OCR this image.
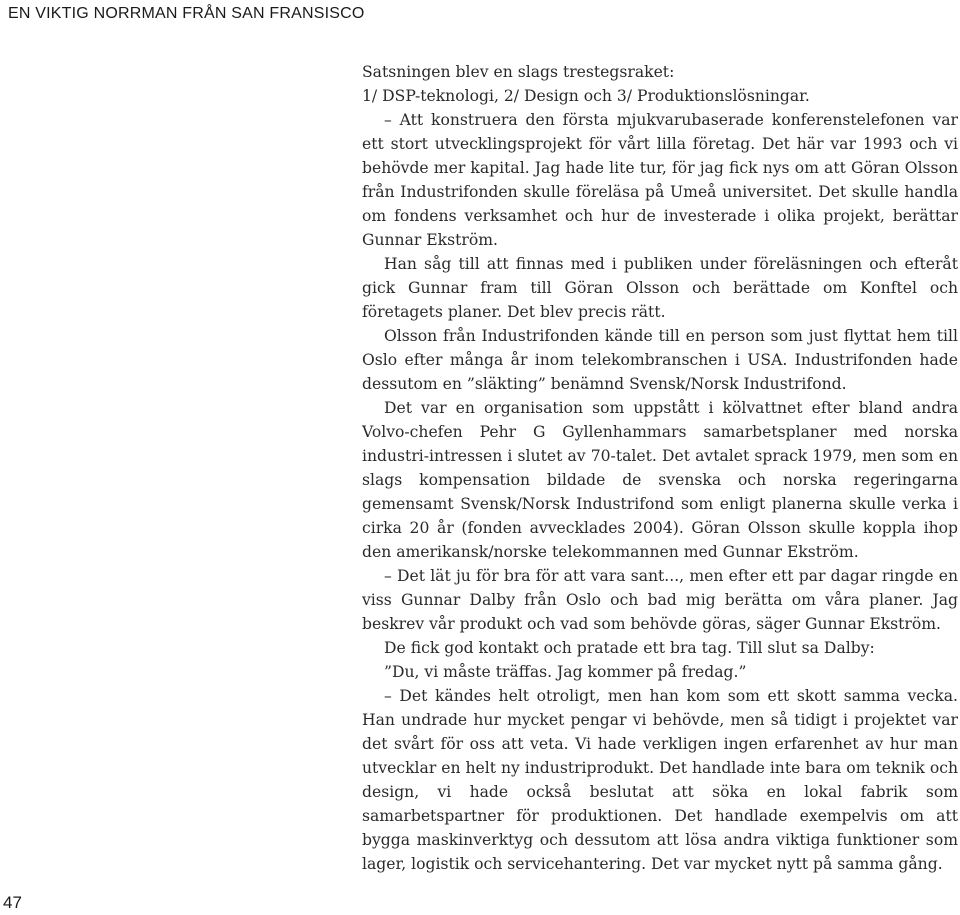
EN VIKTIG NORRMAN FRÅN SAN FRANSISCO

Satsningen blev en slags trestegsraket:

1/ DSP-teknologi, 2/ Design och 3/ Produktionslösningar.

– Att konstruera den första mjukvarubaserade konferenstelefonen var ett stort utvecklingsprojekt för vårt lilla företag. Det här var 1993 och vi behövde mer kapital. Jag hade lite tur, för jag fick nys om att Göran Olsson från Industrifonden skulle föreläsa på Umeå universitet. Det skulle handla om fondens verksamhet och hur de investerade i olika projekt, berättar Gunnar Ekström.

Han såg till att finnas med i publiken under föreläsningen och efteråt gick Gunnar fram till Göran Olsson och berättade om Konftel och företagets planer. Det blev precis rätt.

Olsson från Industrifonden kände till en person som just flyttat hem till Oslo efter många år inom telekombranschen i USA. Industrifonden hade dessutom en ”släkting” benämnd Svensk/Norsk Industrifond.

Det var en organisation som uppstått i kölvattnet efter bland andra Volvo-chefen Pehr G Gyllenhammars samarbetsplaner med norska industri-intressen i slutet av 70-talet. Det avtalet sprack 1979, men som en slags kompensation bildade de svenska och norska regeringarna gemensamt Svensk/Norsk Industrifond som enligt planerna skulle verka i cirka 20 år (fonden avvecklades 2004). Göran Olsson skulle koppla ihop den amerikansk/norske telekommannen med Gunnar Ekström.

– Det lät ju för bra för att vara sant..., men efter ett par dagar ringde en viss Gunnar Dalby från Oslo och bad mig berätta om våra planer. Jag beskrev vår produkt och vad som behövde göras, säger Gunnar Ekström.

De fick god kontakt och pratade ett bra tag. Till slut sa Dalby:

”Du, vi måste träffas. Jag kommer på fredag.”

– Det kändes helt otroligt, men han kom som ett skott samma vecka. Han undrade hur mycket pengar vi behövde, men så tidigt i projektet var det svårt för oss att veta. Vi hade verkligen ingen erfarenhet av hur man utvecklar en helt ny industriprodukt. Det handlade inte bara om teknik och design, vi hade också beslutat att söka en lokal fabrik som samarbetspartner för produktionen. Det handlade exempelvis om att bygga maskinverktyg och dessutom att lösa andra viktiga funktioner som lager, logistik och servicehantering. Det var mycket nytt på samma gång.

47
